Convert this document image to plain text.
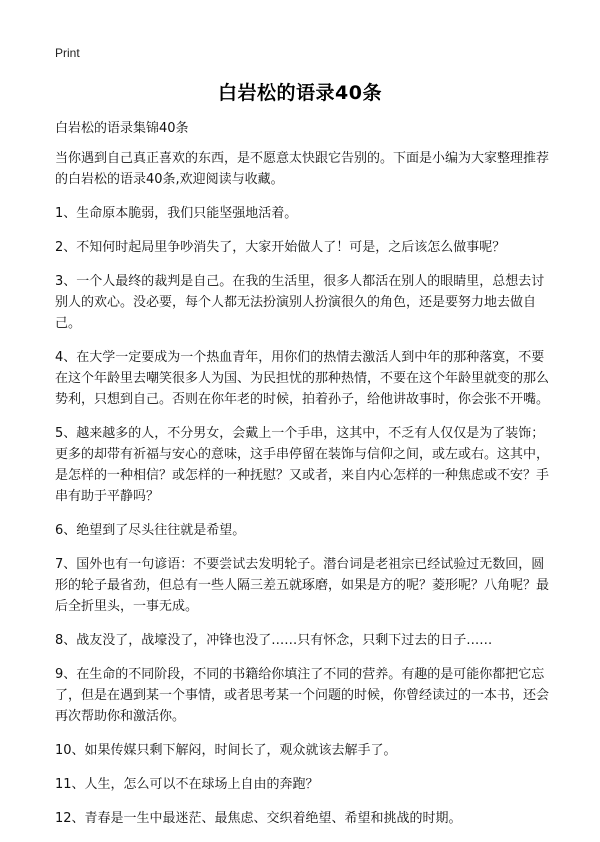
Print
白岩松的语录40条

白岩松的语录集锦40条

当你遇到自己真正喜欢的东西，是不愿意太快跟它告别的。下面是小编为大家整理推荐的白岩松的语录40条,欢迎阅读与收藏。

1、生命原本脆弱，我们只能坚强地活着。

2、不知何时起局里争吵消失了，大家开始做人了！可是，之后该怎么做事呢？

3、一个人最终的裁判是自己。在我的生活里，很多人都活在别人的眼睛里，总想去讨别人的欢心。没必要，每个人都无法扮演别人扮演很久的角色，还是要努力地去做自己。

4、在大学一定要成为一个热血青年，用你们的热情去激活人到中年的那种落寞，不要在这个年龄里去嘲笑很多人为国、为民担忧的那种热情，不要在这个年龄里就变的那么势利，只想到自己。否则在你年老的时候，拍着孙子，给他讲故事时，你会张不开嘴。

5、越来越多的人，不分男女，会戴上一个手串，这其中，不乏有人仅仅是为了装饰；更多的却带有祈福与安心的意味，这手串停留在装饰与信仰之间，或左或右。这其中，是怎样的一种相信？或怎样的一种抚慰？又或者，来自内心怎样的一种焦虑或不安？手串有助于平静吗？

6、绝望到了尽头往往就是希望。

7、国外也有一句谚语：不要尝试去发明轮子。潜台词是老祖宗已经试验过无数回，圆形的轮子最省劲，但总有一些人隔三差五就琢磨，如果是方的呢？菱形呢？八角呢？最后全折里头，一事无成。

8、战友没了，战壕没了，冲锋也没了……只有怀念，只剩下过去的日子……

9、在生命的不同阶段，不同的书籍给你填注了不同的营养。有趣的是可能你都把它忘了，但是在遇到某一个事情，或者思考某一个问题的时候，你曾经读过的一本书，还会再次帮助你和激活你。

10、如果传媒只剩下解闷，时间长了，观众就该去解手了。

11、人生，怎么可以不在球场上自由的奔跑？

12、青春是一生中最迷茫、最焦虑、交织着绝望、希望和挑战的时期。
